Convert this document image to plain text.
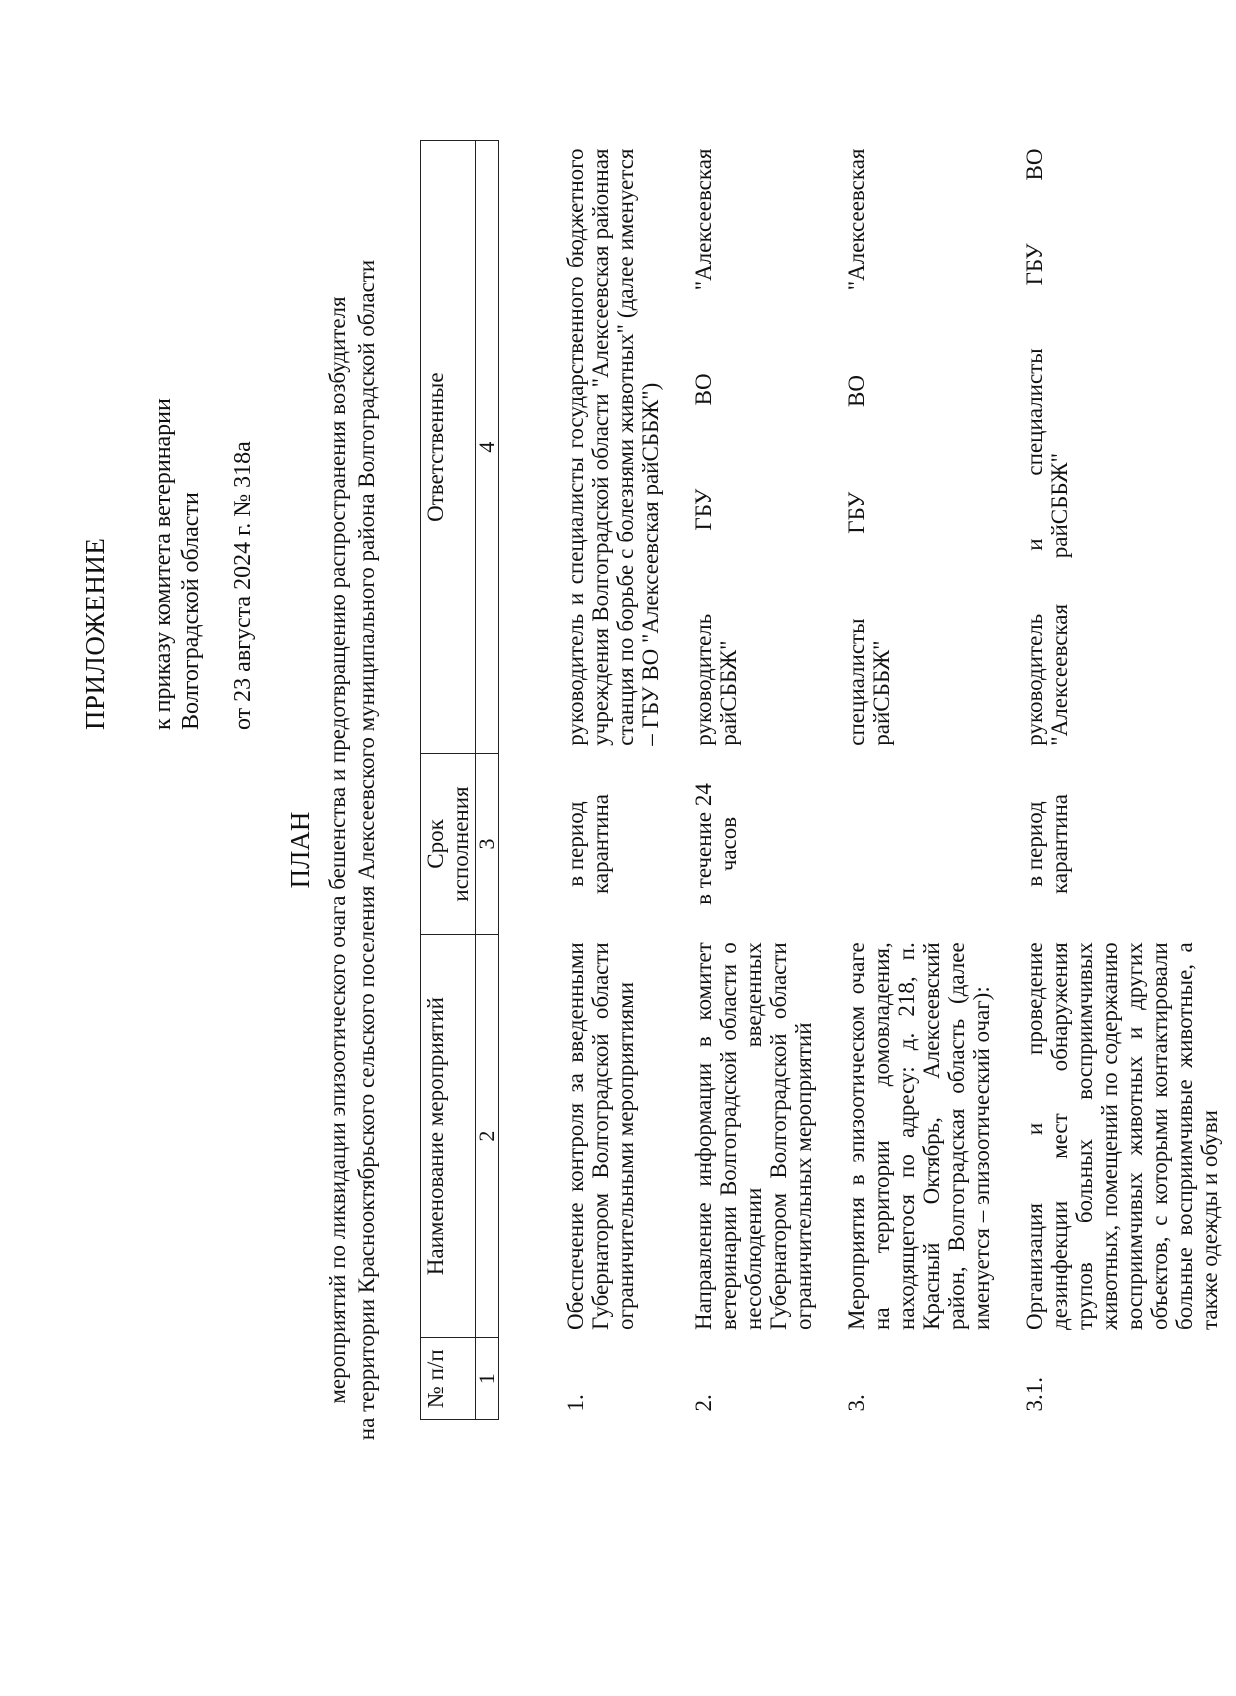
ПРИЛОЖЕНИЕ к приказу комитета ветеринарии Волгоградской области от 23 августа 2024 г. № 318а
ПЛАН мероприятий по ликвидации эпизоотического очага бешенства и предотвращению распространения возбудителя на территории Краснооктябрьского сельского поселения Алексеевского муниципального района Волгоградской области № п/п	Наименование мероприятий	Срок исполнения	Ответственные
1	2	3	4

1.	Обеспечение контроля за введенными Губернатором Волгоградской области ограничительными мероприятиями	в период карантина	руководитель и специалисты государственного бюджетного учреждения Волгоградской области "Алексеевская районная станция по борьбе с болезнями животных" (далее именуется – ГБУ ВО "Алексеевская райСББЖ")
2.	Направление информации в комитет ветеринарии Волгоградской области о несоблюдении введенных Губернатором Волгоградской области ограничительных мероприятий	в течение 24 часов	руководитель ГБУ ВО "Алексеевская райСББЖ"
3.	Мероприятия в эпизоотическом очаге на территории домовладения, находящегося по адресу: д. 218, п. Красный Октябрь, Алексеевский район, Волгоградская область (далее именуется – эпизоотический очаг):		специалисты ГБУ ВО "Алексеевская райСББЖ"
3.1.	Организация и проведение дезинфекции мест обнаружения трупов больных восприимчивых животных, помещений по содержанию восприимчивых животных и других объектов, с которыми контактировали больные восприимчивые животные, а также одежды и обуви	в период карантина	руководитель и специалисты ГБУ ВО "Алексеевская райСББЖ"
